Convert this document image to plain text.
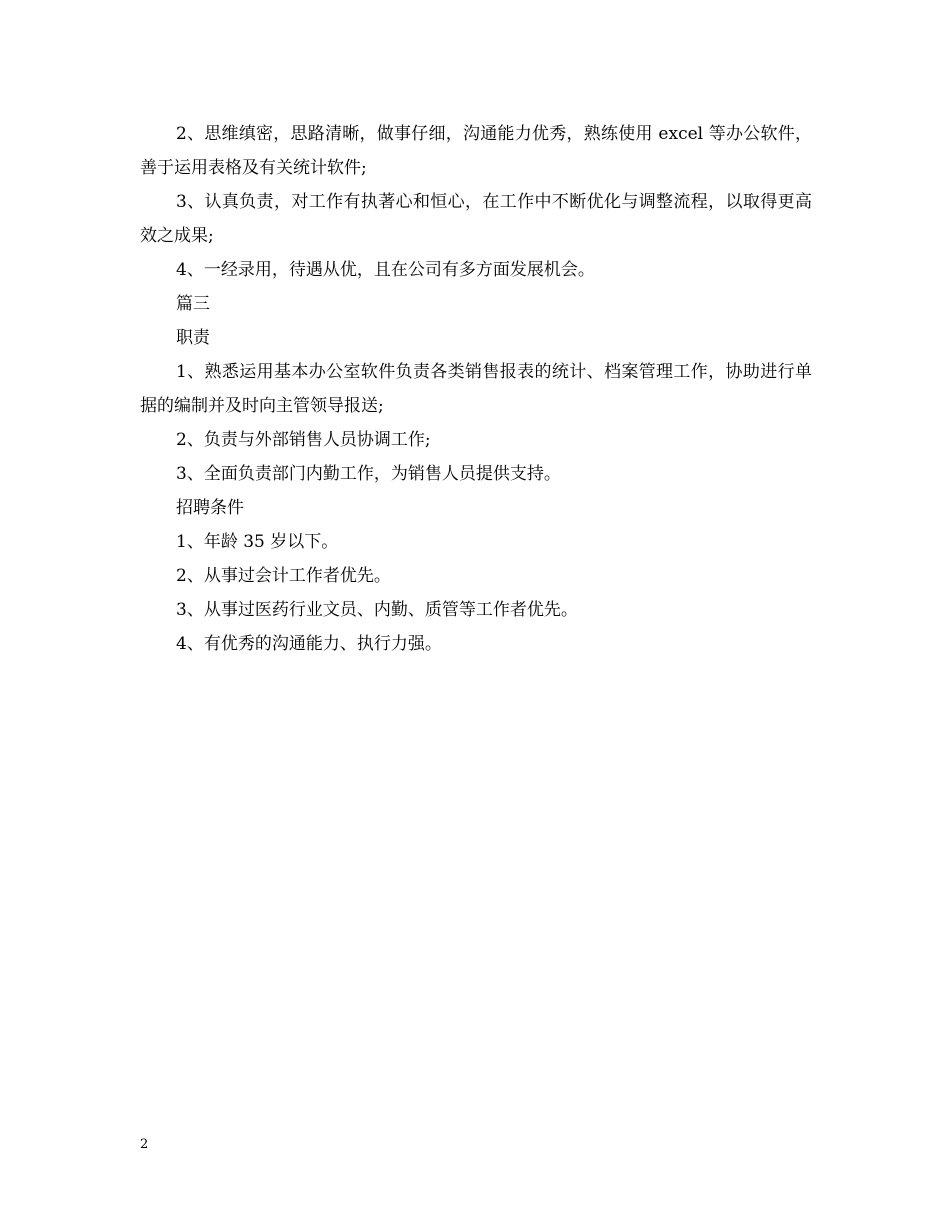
2、思维缜密，思路清晰，做事仔细，沟通能力优秀，熟练使用 excel 等办公软件，善于运用表格及有关统计软件;

3、认真负责，对工作有执著心和恒心，在工作中不断优化与调整流程，以取得更高效之成果;

4、一经录用，待遇从优，且在公司有多方面发展机会。

篇三

职责

1、熟悉运用基本办公室软件负责各类销售报表的统计、档案管理工作，协助进行单据的编制并及时向主管领导报送;

2、负责与外部销售人员协调工作;

3、全面负责部门内勤工作，为销售人员提供支持。

招聘条件

1、年龄 35 岁以下。

2、从事过会计工作者优先。

3、从事过医药行业文员、内勤、质管等工作者优先。

4、有优秀的沟通能力、执行力强。

2
